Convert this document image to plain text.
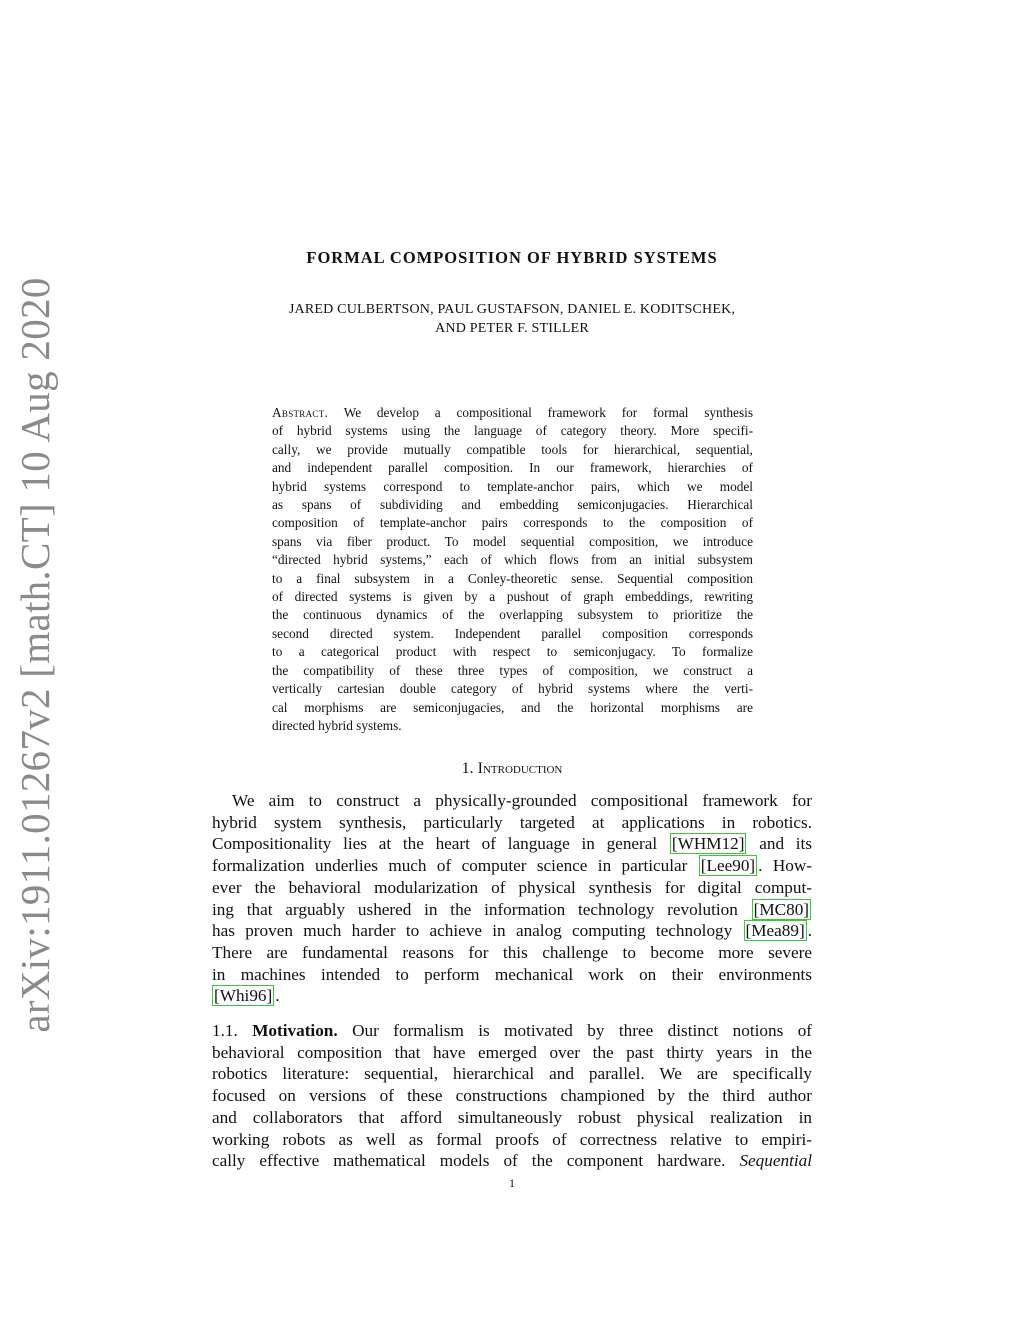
arXiv:1911.01267v2 [math.CT] 10 Aug 2020
FORMAL COMPOSITION OF HYBRID SYSTEMS
JARED CULBERTSON, PAUL GUSTAFSON, DANIEL E. KODITSCHEK,
AND PETER F. STILLER
Abstract. We develop a compositional framework for formal synthesis
of hybrid systems using the language of category theory. More specifi-
cally, we provide mutually compatible tools for hierarchical, sequential,
and independent parallel composition. In our framework, hierarchies of
hybrid systems correspond to template-anchor pairs, which we model
as spans of subdividing and embedding semiconjugacies. Hierarchical
composition of template-anchor pairs corresponds to the composition of
spans via fiber product. To model sequential composition, we introduce
“directed hybrid systems,” each of which flows from an initial subsystem
to a final subsystem in a Conley-theoretic sense. Sequential composition
of directed systems is given by a pushout of graph embeddings, rewriting
the continuous dynamics of the overlapping subsystem to prioritize the
second directed system. Independent parallel composition corresponds
to a categorical product with respect to semiconjugacy. To formalize
the compatibility of these three types of composition, we construct a
vertically cartesian double category of hybrid systems where the verti-
cal morphisms are semiconjugacies, and the horizontal morphisms are
directed hybrid systems.
1. Introduction
We aim to construct a physically-grounded compositional framework for
hybrid system synthesis, particularly targeted at applications in robotics.
Compositionality lies at the heart of language in general [WHM12] and its
formalization underlies much of computer science in particular [Lee90] . How-
ever the behavioral modularization of physical synthesis for digital comput-
ing that arguably ushered in the information technology revolution [MC80]
has proven much harder to achieve in analog computing technology [Mea89] .
There are fundamental reasons for this challenge to become more severe
in machines intended to perform mechanical work on their environments
[Whi96] .
1.1. Motivation. Our formalism is motivated by three distinct notions of
behavioral composition that have emerged over the past thirty years in the
robotics literature: sequential, hierarchical and parallel. We are specifically
focused on versions of these constructions championed by the third author
and collaborators that afford simultaneously robust physical realization in
working robots as well as formal proofs of correctness relative to empiri-
cally effective mathematical models of the component hardware. Sequential
1
